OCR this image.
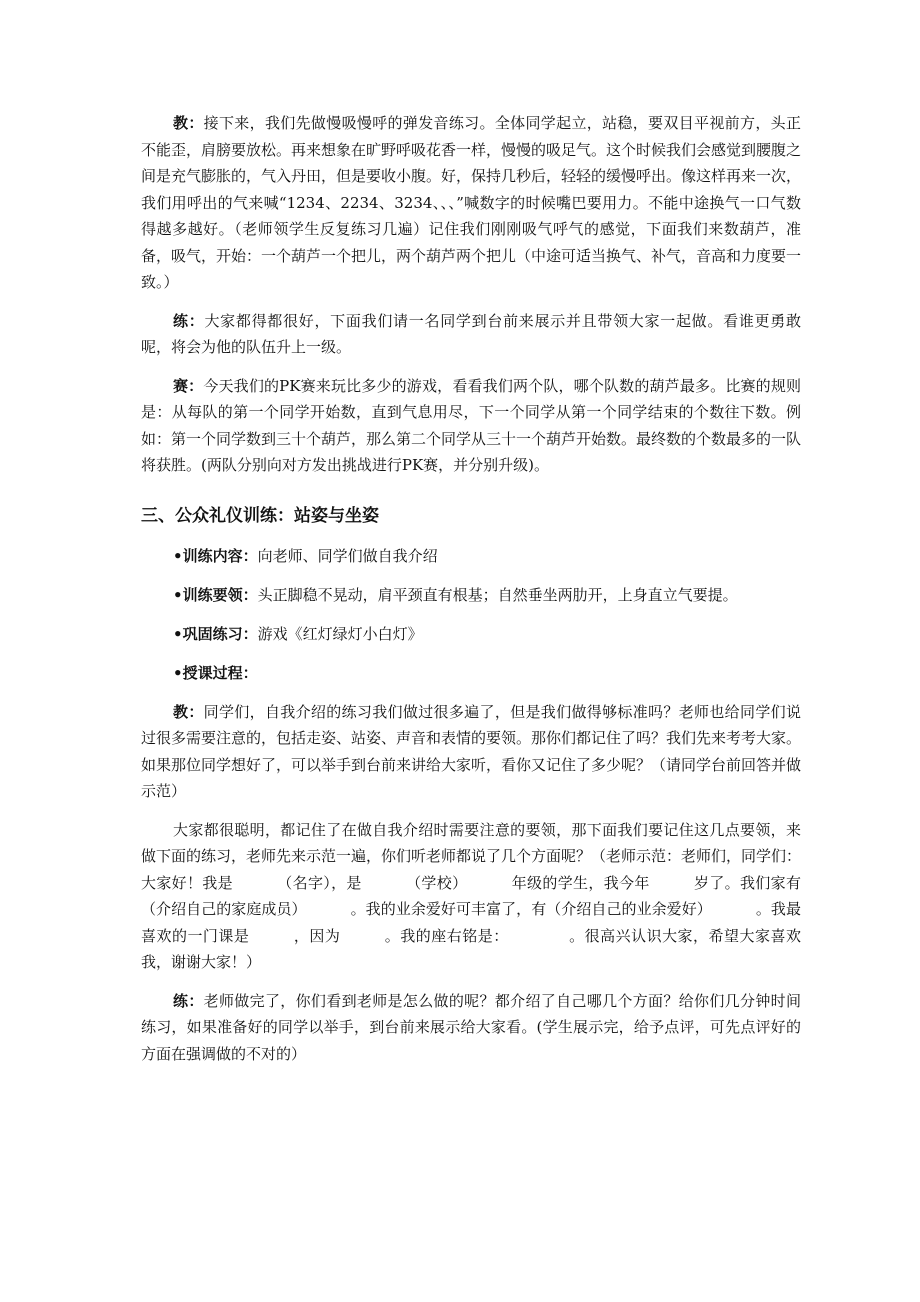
教：接下来，我们先做慢吸慢呼的弹发音练习。全体同学起立，站稳，要双目平视前方，头正不能歪，肩膀要放松。再来想象在旷野呼吸花香一样，慢慢的吸足气。这个时候我们会感觉到腰腹之间是充气膨胀的，气入丹田，但是要收小腹。好，保持几秒后，轻轻的缓慢呼出。像这样再来一次，我们用呼出的气来喊“1234、2234、3234、、、”喊数字的时候嘴巴要用力。不能中途换气一口气数得越多越好。（老师领学生反复练习几遍）记住我们刚刚吸气呼气的感觉，下面我们来数葫芦，准备，吸气，开始：一个葫芦一个把儿，两个葫芦两个把儿（中途可适当换气、补气，音高和力度要一致。）

练：大家都得都很好，下面我们请一名同学到台前来展示并且带领大家一起做。看谁更勇敢呢，将会为他的队伍升上一级。

赛：今天我们的PK赛来玩比多少的游戏，看看我们两个队，哪个队数的葫芦最多。比赛的规则是：从每队的第一个同学开始数，直到气息用尽，下一个同学从第一个同学结束的个数往下数。例如：第一个同学数到三十个葫芦，那么第二个同学从三十一个葫芦开始数。最终数的个数最多的一队将获胜。(两队分别向对方发出挑战进行PK赛，并分别升级)。

三、公众礼仪训练：站姿与坐姿
•训练内容：向老师、同学们做自我介绍
•训练要领：头正脚稳不晃动，肩平颈直有根基；自然垂坐两肋开，上身直立气要提。
•巩固练习：游戏《红灯绿灯小白灯》
•授课过程：

教：同学们，自我介绍的练习我们做过很多遍了，但是我们做得够标准吗？老师也给同学们说过很多需要注意的，包括走姿、站姿、声音和表情的要领。那你们都记住了吗？我们先来考考大家。如果那位同学想好了，可以举手到台前来讲给大家听，看你又记住了多少呢？（请同学台前回答并做示范）

大家都很聪明，都记住了在做自我介绍时需要注意的要领，那下面我们要记住这几点要领，来做下面的练习，老师先来示范一遍，你们听老师都说了几个方面呢？（老师示范：老师们，同学们：大家好！我是	（名字），是	（学校）	年级的学生，我今年	岁了。我们家有（介绍自己的家庭成员）	。我的业余爱好可丰富了，有（介绍自己的业余爱好）	。我最喜欢的一门课是	，因为	。我的座右铭是：	。很高兴认识大家，希望大家喜欢我，谢谢大家！）

练：老师做完了，你们看到老师是怎么做的呢？都介绍了自己哪几个方面？给你们几分钟时间练习，如果准备好的同学以举手，到台前来展示给大家看。(学生展示完，给予点评，可先点评好的方面在强调做的不对的）
